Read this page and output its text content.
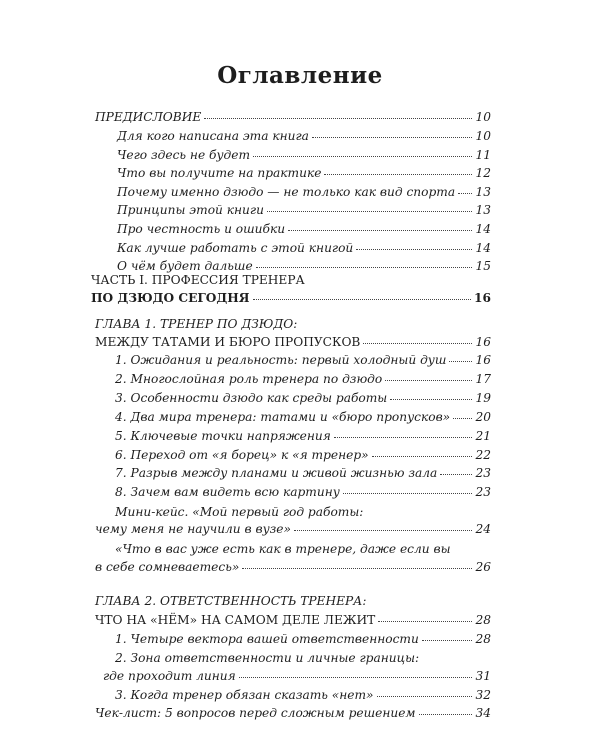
Оглавление
ПРЕДИСЛОВИЕ	10
Для кого написана эта книга	10
Чего здесь не будет	11
Что вы получите на практике	12
Почему именно дзюдо — не только как вид спорта 13
Принципы этой книги	13
Про честность и ошибки	14
Как лучше работать с этой книгой	14
О чём будет дальше	15
ЧАСТЬ I. ПРОФЕССИЯ ТРЕНЕРА
ПО ДЗЮДО СЕГОДНЯ	16
ГЛАВА 1. ТРЕНЕР ПО ДЗЮДО:
МЕЖДУ ТАТАМИ И БЮРО ПРОПУСКОВ	16
1. Ожидания и реальность: первый холодный душ 16
2. Многослойная роль тренера по дзюдо	17
3. Особенности дзюдо как среды работы	19
4. Два мира тренера: татами и «бюро пропусков» 20
5. Ключевые точки напряжения	21
6. Переход от «я борец» к «я тренер»	22
7. Разрыв между планами и живой жизнью зала	23
8. Зачем вам видеть всю картину	23
Мини-кейс. «Мой первый год работы:
чему меня не научили в вузе»	24
«Что в вас уже есть как в тренере, даже если вы
в себе сомневаетесь»	26
ГЛАВА 2. ОТВЕТСТВЕННОСТЬ ТРЕНЕРА:
ЧТО НА «НЁМ» НА САМОМ ДЕЛЕ ЛЕЖИТ	28
1. Четыре вектора вашей ответственности	28
2. Зона ответственности и личные границы:
где проходит линия	31
3. Когда тренер обязан сказать «нет»	32
Чек-лист: 5 вопросов перед сложным решением	34
